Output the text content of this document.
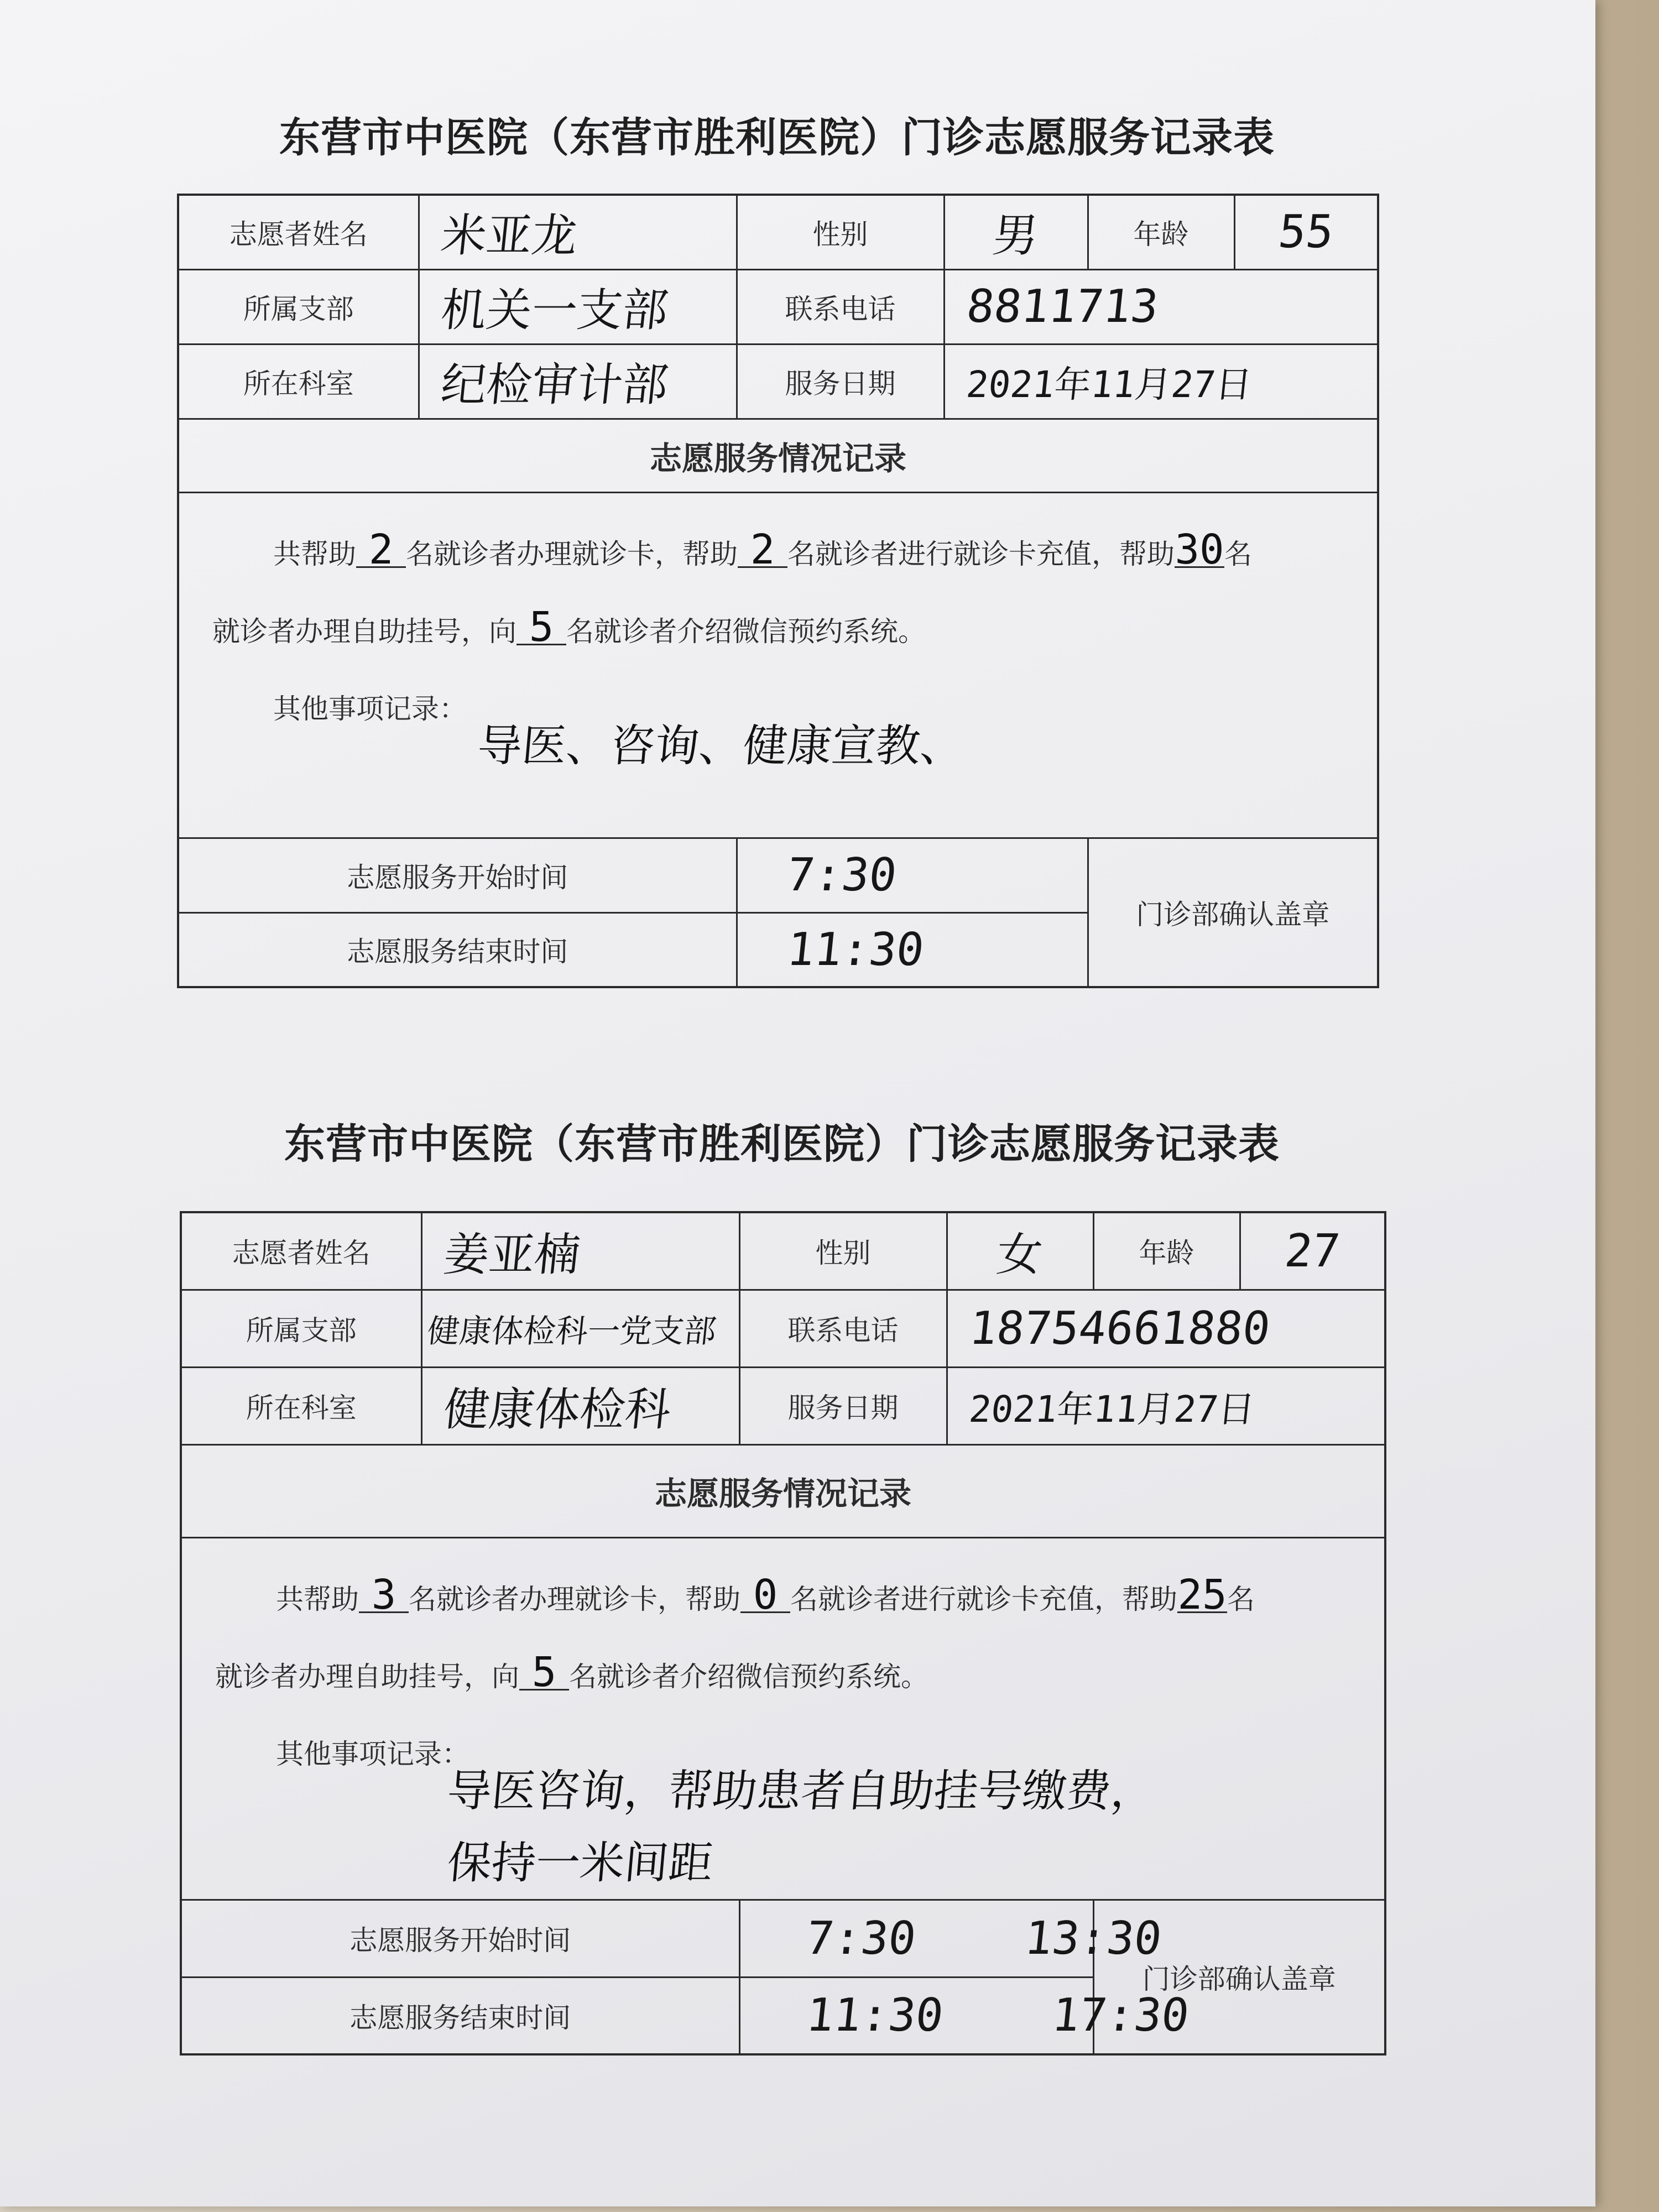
东营市中医院（东营市胜利医院）门诊志愿服务记录表
志愿者姓名	米亚龙	性别	男	年龄	55
所属支部	机关一支部	联系电话	8811713		
所在科室	纪检审计部	服务日期	2021年11月27日		
志愿服务情况记录					

共帮助 2 名就诊者办理就诊卡，帮助 2 名就诊者进行就诊卡充值，帮助30名
就诊者办理自助挂号，向 5 名就诊者介绍微信预约系统。
其他事项记录：
导医、咨询、健康宣教、					

志愿服务开始时间		7:30		门诊部确认盖章	
志愿服务结束时间		11:30			
东营市中医院（东营市胜利医院）门诊志愿服务记录表
志愿者姓名	姜亚楠	性别	女	年龄	27
所属支部	健康体检科一党支部	联系电话	18754661880		
所在科室	健康体检科	服务日期	2021年11月27日		
志愿服务情况记录					

共帮助 3 名就诊者办理就诊卡，帮助 0 名就诊者进行就诊卡充值，帮助25名
就诊者办理自助挂号，向 5 名就诊者介绍微信预约系统。
其他事项记录：
导医咨询，帮助患者自助挂号缴费，
保持一米间距					

志愿服务开始时间		7:30    13:30		门诊部确认盖章	
志愿服务结束时间		11:30    17:30			
